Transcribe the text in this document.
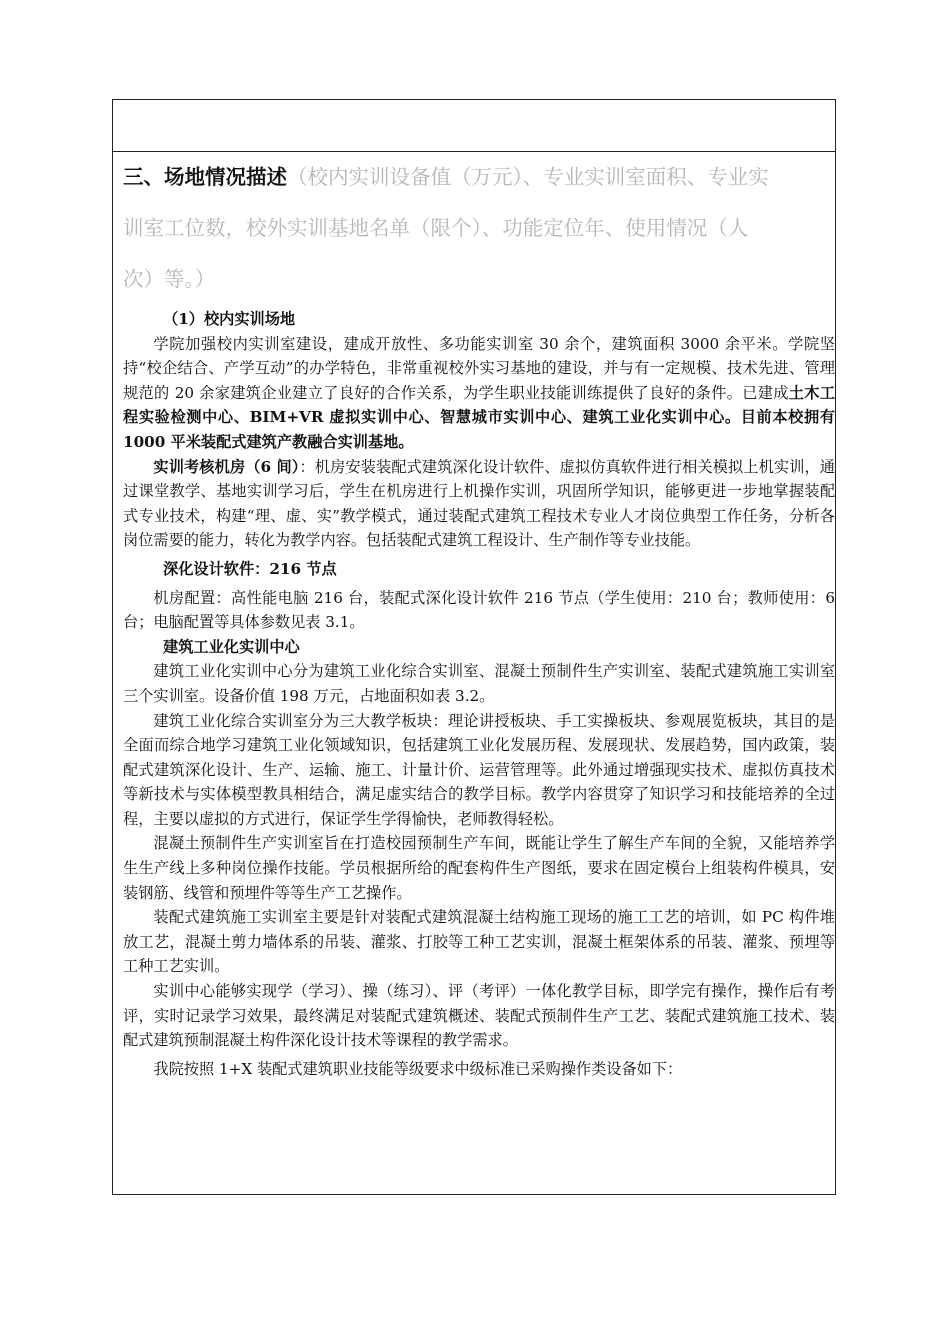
三、场地情况描述（校内实训设备值（万元）、专业实训室面积、专业实
训室工位数，校外实训基地名单（限个）、功能定位年、使用情况（人
次）等。）

（1）校内实训场地

学院加强校内实训室建设，建成开放性、多功能实训室 30 余个，建筑面积 3000 余平米。学院坚持“校企结合、产学互动”的办学特色，非常重视校外实习基地的建设，并与有一定规模、技术先进、管理规范的 20 余家建筑企业建立了良好的合作关系，为学生职业技能训练提供了良好的条件。已建成土木工程实验检测中心、BIM+VR 虚拟实训中心、智慧城市实训中心、建筑工业化实训中心。目前本校拥有 1000 平米装配式建筑产教融合实训基地。

实训考核机房（6 间）：机房安装装配式建筑深化设计软件、虚拟仿真软件进行相关模拟上机实训，通过课堂教学、基地实训学习后，学生在机房进行上机操作实训，巩固所学知识，能够更进一步地掌握装配式专业技术，构建“理、虚、实”教学模式，通过装配式建筑工程技术专业人才岗位典型工作任务，分析各岗位需要的能力，转化为教学内容。包括装配式建筑工程设计、生产制作等专业技能。

深化设计软件：216 节点

机房配置：高性能电脑 216 台，装配式深化设计软件 216 节点（学生使用：210 台；教师使用：6 台；电脑配置等具体参数见表 3.1。

建筑工业化实训中心

建筑工业化实训中心分为建筑工业化综合实训室、混凝土预制件生产实训室、装配式建筑施工实训室三个实训室。设备价值 198 万元，占地面积如表 3.2。

建筑工业化综合实训室分为三大教学板块：理论讲授板块、手工实操板块、参观展览板块，其目的是全面而综合地学习建筑工业化领域知识，包括建筑工业化发展历程、发展现状、发展趋势，国内政策，装配式建筑深化设计、生产、运输、施工、计量计价、运营管理等。此外通过增强现实技术、虚拟仿真技术等新技术与实体模型教具相结合，满足虚实结合的教学目标。教学内容贯穿了知识学习和技能培养的全过程，主要以虚拟的方式进行，保证学生学得愉快，老师教得轻松。

混凝土预制件生产实训室旨在打造校园预制生产车间，既能让学生了解生产车间的全貌，又能培养学生生产线上多种岗位操作技能。学员根据所给的配套构件生产图纸，要求在固定模台上组装构件模具，安装钢筋、线管和预埋件等等生产工艺操作。

装配式建筑施工实训室主要是针对装配式建筑混凝土结构施工现场的施工工艺的培训，如 PC 构件堆放工艺，混凝土剪力墙体系的吊装、灌浆、打胶等工种工艺实训，混凝土框架体系的吊装、灌浆、预埋等工种工艺实训。

实训中心能够实现学（学习）、操（练习）、评（考评）一体化教学目标，即学完有操作，操作后有考评，实时记录学习效果，最终满足对装配式建筑概述、装配式预制件生产工艺、装配式建筑施工技术、装配式建筑预制混凝土构件深化设计技术等课程的教学需求。

我院按照 1+X 装配式建筑职业技能等级要求中级标准已采购操作类设备如下：
